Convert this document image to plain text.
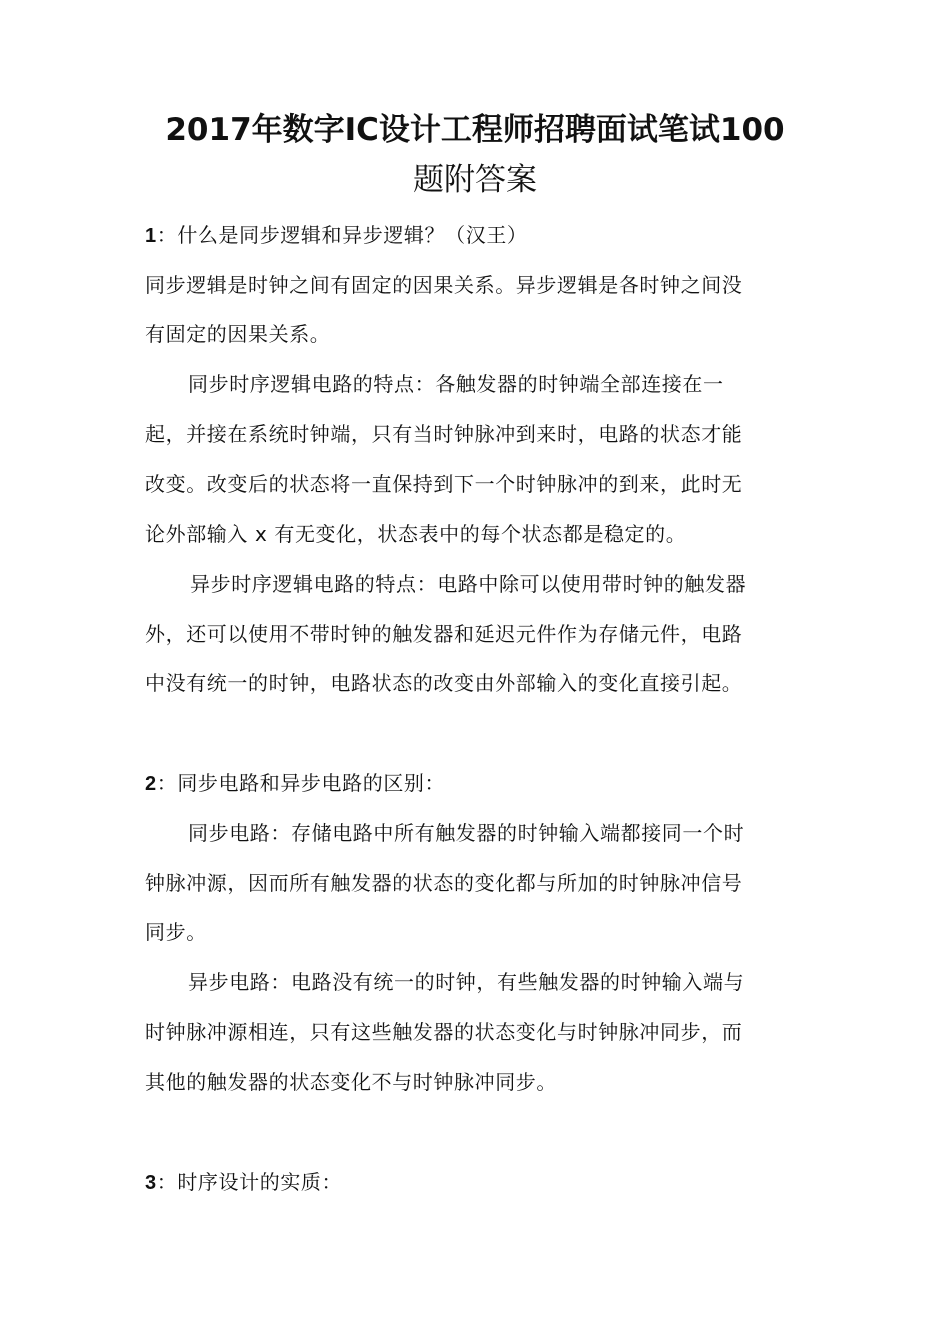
2017年数字IC设计工程师招聘面试笔试100
题附答案

1：什么是同步逻辑和异步逻辑？（汉王）

同步逻辑是时钟之间有固定的因果关系。异步逻辑是各时钟之间没

有固定的因果关系。

同步时序逻辑电路的特点：各触发器的时钟端全部连接在一

起，并接在系统时钟端，只有当时钟脉冲到来时，电路的状态才能

改变。改变后的状态将一直保持到下一个时钟脉冲的到来，此时无

论外部输入 x 有无变化，状态表中的每个状态都是稳定的。

异步时序逻辑电路的特点：电路中除可以使用带时钟的触发器

外，还可以使用不带时钟的触发器和延迟元件作为存储元件，电路

中没有统一的时钟，电路状态的改变由外部输入的变化直接引起。

2：同步电路和异步电路的区别：

同步电路：存储电路中所有触发器的时钟输入端都接同一个时

钟脉冲源，因而所有触发器的状态的变化都与所加的时钟脉冲信号

同步。

异步电路：电路没有统一的时钟，有些触发器的时钟输入端与

时钟脉冲源相连，只有这些触发器的状态变化与时钟脉冲同步，而

其他的触发器的状态变化不与时钟脉冲同步。

3：时序设计的实质：
